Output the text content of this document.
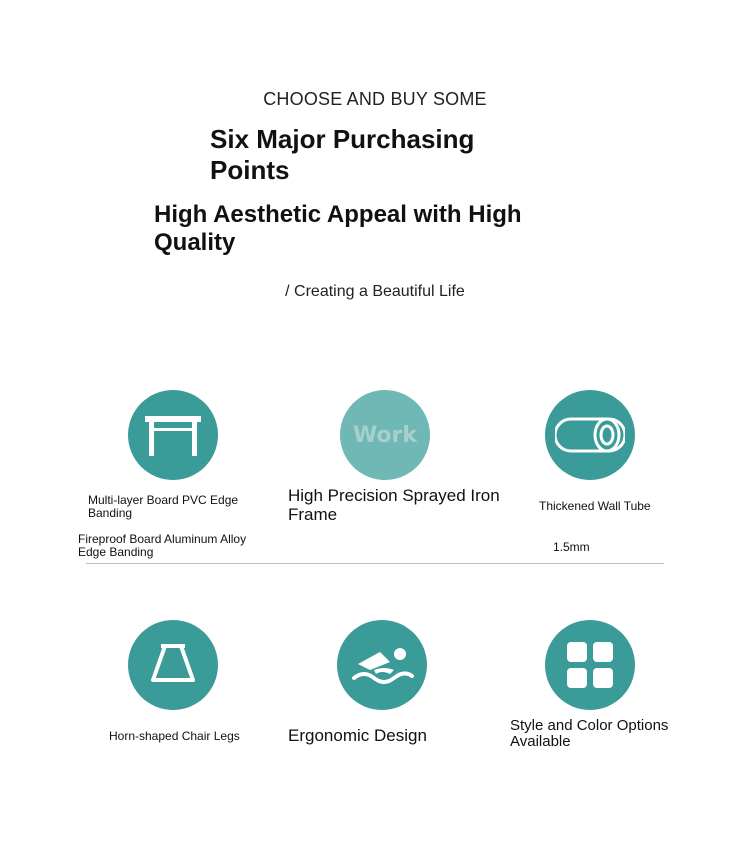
CHOOSE AND BUY SOME
Six Major Purchasing Points
High Aesthetic Appeal with High Quality
/ Creating a Beautiful Life
Multi-layer Board PVC Edge Banding
Fireproof Board Aluminum Alloy Edge Banding
Work
High Precision Sprayed Iron Frame	Thickened Wall Tube
1.5mm
Horn-shaped Chair Legs	Ergonomic Design
Style and Color Options Available
